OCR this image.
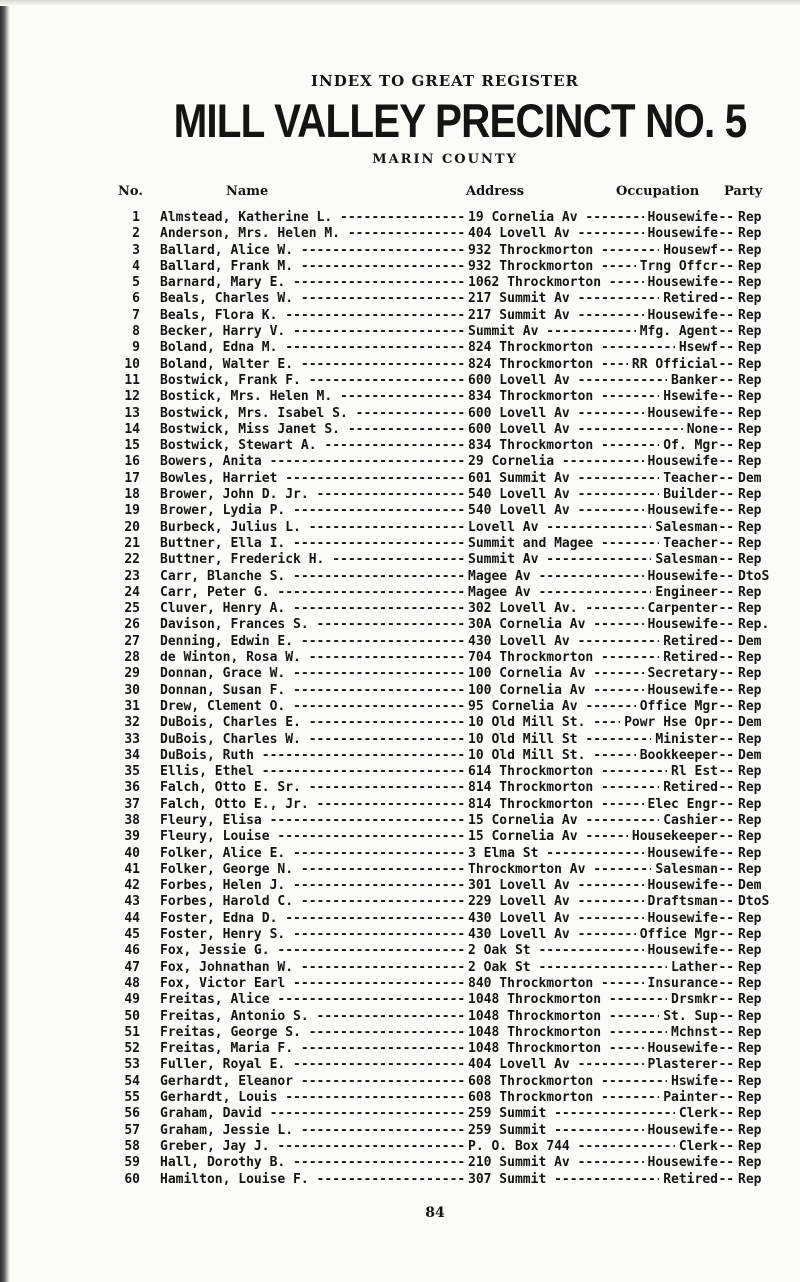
INDEX TO GREAT REGISTER
MILL VALLEY PRECINCT NO. 5
MARIN COUNTY
No.	Name	Address	Occupation Party
1 Almstead, Katherine L. -----	19 Cornelia Av -----	Housewife Rep
2 Anderson, Mrs. Helen M. -----	404 Lovell Av -----	Housewife Rep
3 Ballard, Alice W. -----	932 Throckmorton -----	Housewf Rep
4 Ballard, Frank M. -----	932 Throckmorton -----	Trng Offcr Rep
5 Barnard, Mary E. -----	1062 Throckmorton -----	Housewife Rep
6 Beals, Charles W. -----	217 Summit Av -----	Retired Rep
7 Beals, Flora K. -----	217 Summit Av -----	Housewife Rep
8 Becker, Harry V. -----	Summit Av -----	Mfg. Agent Rep
9 Boland, Edna M. -----	824 Throckmorton -----	Hsewf Rep
10 Boland, Walter E. -----	824 Throckmorton -----	RR Official Rep
11 Bostwick, Frank F. -----	600 Lovell Av -----	Banker Rep
12 Bostick, Mrs. Helen M. -----	834 Throckmorton -----	Hsewife Rep
13 Bostwick, Mrs. Isabel S. -----	600 Lovell Av -----	Housewife Rep
14 Bostwick, Miss Janet S. -----	600 Lovell Av -----	None Rep
15 Bostwick, Stewart A. -----	834 Throckmorton -----	Of. Mgr Rep
16 Bowers, Anita -----	29 Cornelia -----	Housewife Rep
17 Bowles, Harriet -----	601 Summit Av -----	Teacher Dem
18 Brower, John D. Jr. -----	540 Lovell Av -----	Builder Rep
19 Brower, Lydia P. -----	540 Lovell Av -----	Housewife Rep
20 Burbeck, Julius L. -----	Lovell Av -----	Salesman Rep
21 Buttner, Ella I. -----	Summit and Magee -----	Teacher Rep
22 Buttner, Frederick H. -----	Summit Av -----	Salesman Rep
23 Carr, Blanche S. -----	Magee Av -----	Housewife DtoS
24 Carr, Peter G. -----	Magee Av -----	Engineer Rep
25 Cluver, Henry A. -----	302 Lovell Av. -----	Carpenter Rep
26 Davison, Frances S. -----	30A Cornelia Av -----	Housewife Rep.
27 Denning, Edwin E. -----	430 Lovell Av -----	Retired Dem
28 de Winton, Rosa W. -----	704 Throckmorton -----	Retired Rep
29 Donnan, Grace W. -----	100 Cornelia Av -----	Secretary Rep
30 Donnan, Susan F. -----	100 Cornelia Av -----	Housewife Rep
31 Drew, Clement O. -----	95 Cornelia Av -----	Office Mgr Rep
32 DuBois, Charles E. -----	10 Old Mill St. -----	Powr Hse Opr Dem
33 DuBois, Charles W. -----	10 Old Mill St -----	Minister Rep
34 DuBois, Ruth -----	10 Old Mill St. -----	Bookkeeper Dem
35 Ellis, Ethel -----	614 Throckmorton -----	Rl Est Rep
36 Falch, Otto E. Sr. -----	814 Throckmorton -----	Retired Rep
37 Falch, Otto E., Jr. -----	814 Throckmorton -----	Elec Engr Rep
38 Fleury, Elisa -----	15 Cornelia Av -----	Cashier Rep
39 Fleury, Louise -----	15 Cornelia Av -----	Housekeeper Rep
40 Folker, Alice E. -----	3 Elma St -----	Housewife Rep
41 Folker, George N. -----	Throckmorton Av -----	Salesman Rep
42 Forbes, Helen J. -----	301 Lovell Av -----	Housewife Dem
43 Forbes, Harold C. -----	229 Lovell Av -----	Draftsman DtoS
44 Foster, Edna D. -----	430 Lovell Av -----	Housewife Rep
45 Foster, Henry S. -----	430 Lovell Av -----	Office Mgr Rep
46 Fox, Jessie G. -----	2 Oak St -----	Housewife Rep
47 Fox, Johnathan W. -----	2 Oak St -----	Lather Rep
48 Fox, Victor Earl -----	840 Throckmorton -----	Insurance Rep
49 Freitas, Alice -----	1048 Throckmorton -----	Drsmkr Rep
50 Freitas, Antonio S. -----	1048 Throckmorton -----	St. Sup Rep
51 Freitas, George S. -----	1048 Throckmorton -----	Mchnst Rep
52 Freitas, Maria F. -----	1048 Throckmorton -----	Housewife Rep
53 Fuller, Royal E. -----	404 Lovell Av -----	Plasterer Rep
54 Gerhardt, Eleanor -----	608 Throckmorton -----	Hswife Rep
55 Gerhardt, Louis -----	608 Throckmorton -----	Painter Rep
56 Graham, David -----	259 Summit -----	Clerk Rep
57 Graham, Jessie L. -----	259 Summit -----	Housewife Rep
58 Greber, Jay J. -----	P. O. Box 744 -----	Clerk Rep
59 Hall, Dorothy B. -----	210 Summit Av -----	Housewife Rep
60 Hamilton, Louise F. -----	307 Summit -----	Retired Rep
84
